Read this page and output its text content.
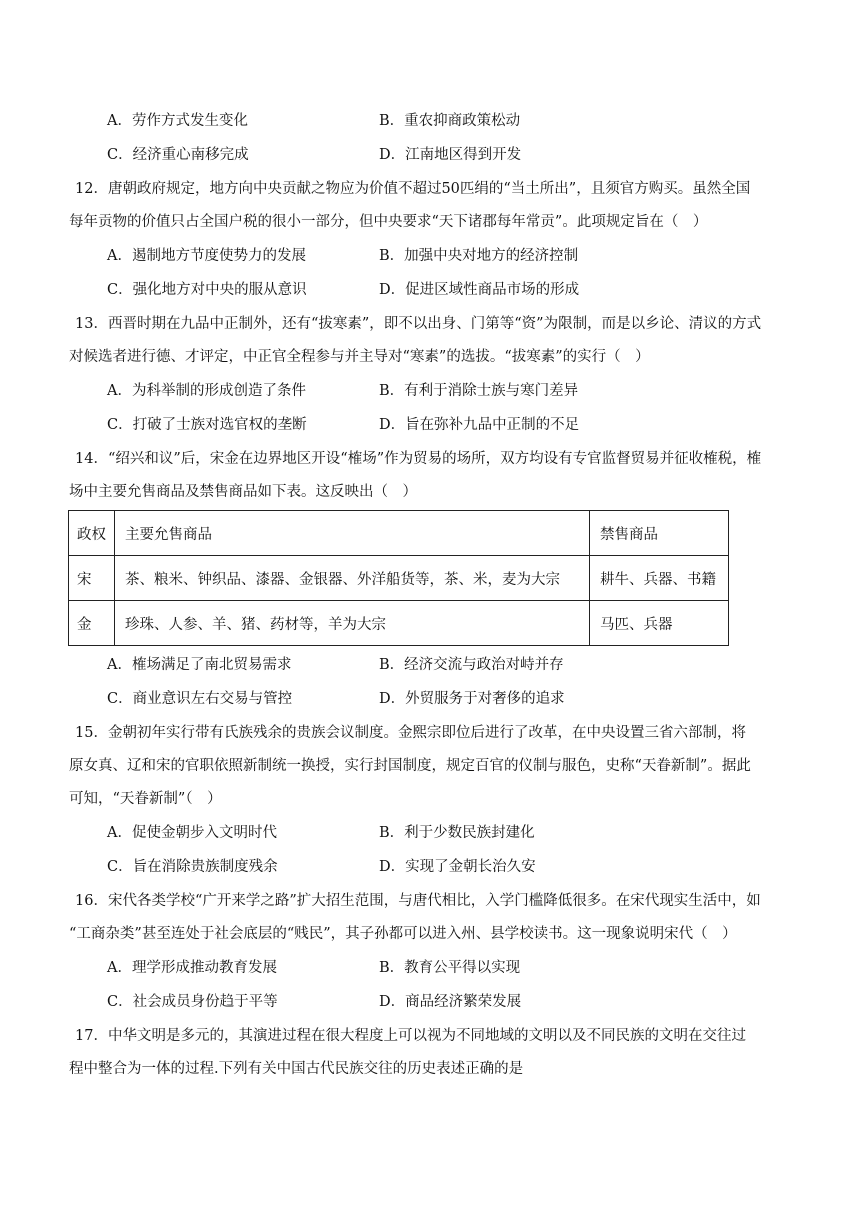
A．劳作方式发生变化	B．重农抑商政策松动
C．经济重心南移完成	D．江南地区得到开发
12．唐朝政府规定，地方向中央贡献之物应为价值不超过50匹绢的“当土所出”，且须官方购买。虽然全国
每年贡物的价值只占全国户税的很小一部分，但中央要求“天下诸郡每年常贡”。此项规定旨在（　）
A．遏制地方节度使势力的发展	B．加强中央对地方的经济控制
C．强化地方对中央的服从意识	D．促进区域性商品市场的形成
13．西晋时期在九品中正制外，还有“拔寒素”，即不以出身、门第等“资”为限制，而是以乡论、清议的方式
对候选者进行德、才评定，中正官全程参与并主导对“寒素”的选拔。“拔寒素”的实行（　）
A．为科举制的形成创造了条件	B．有利于消除士族与寒门差异
C．打破了士族对选官权的垄断	D．旨在弥补九品中正制的不足
14．“绍兴和议”后，宋金在边界地区开设“榷场”作为贸易的场所，双方均设有专官监督贸易并征收榷税，榷
场中主要允售商品及禁售商品如下表。这反映出（　）
政权	主要允售商品	禁售商品
宋	茶、粮米、钟织品、漆器、金银器、外洋船货等，茶、米，麦为大宗	耕牛、兵器、书籍
金	珍珠、人参、羊、猪、药材等，羊为大宗	马匹、兵器
A．榷场满足了南北贸易需求	B．经济交流与政治对峙并存
C．商业意识左右交易与管控	D．外贸服务于对奢侈的追求
15．金朝初年实行带有氏族残余的贵族会议制度。金熙宗即位后进行了改革，在中央设置三省六部制，将
原女真、辽和宋的官职依照新制统一换授，实行封国制度，规定百官的仪制与服色，史称“天眷新制”。据此
可知，“天眷新制”（　）
A．促使金朝步入文明时代	B．利于少数民族封建化
C．旨在消除贵族制度残余	D．实现了金朝长治久安
16．宋代各类学校“广开来学之路”扩大招生范围，与唐代相比，入学门槛降低很多。在宋代现实生活中，如
“工商杂类”甚至连处于社会底层的“贱民”，其子孙都可以进入州、县学校读书。这一现象说明宋代（　）
A．理学形成推动教育发展	B．教育公平得以实现
C．社会成员身份趋于平等	D．商品经济繁荣发展
17．中华文明是多元的，其演进过程在很大程度上可以视为不同地域的文明以及不同民族的文明在交往过
程中整合为一体的过程.下列有关中国古代民族交往的历史表述正确的是
